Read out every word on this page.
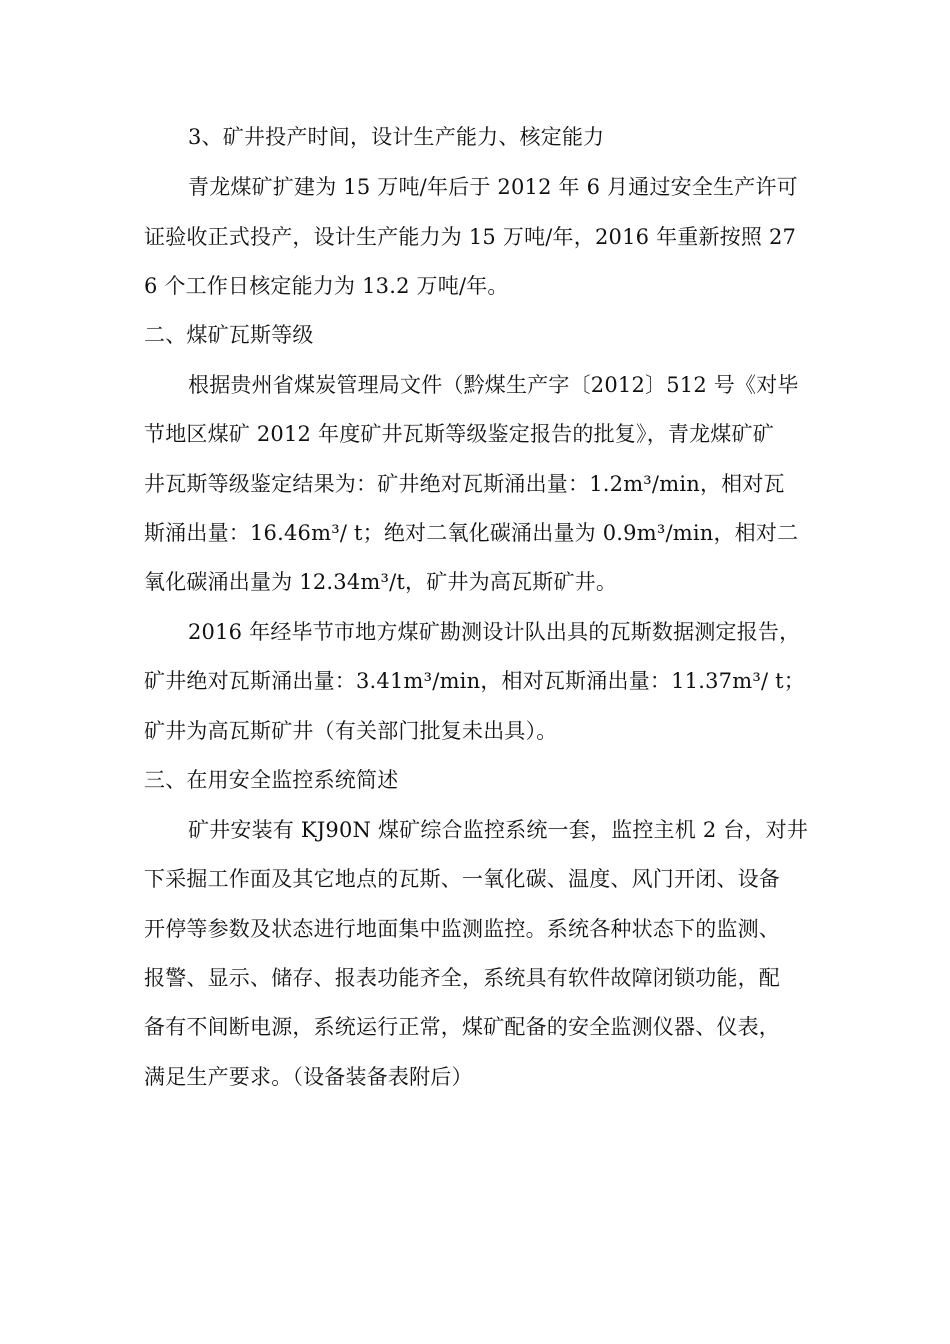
3、矿井投产时间，设计生产能力、核定能力
青龙煤矿扩建为 15 万吨/年后于 2012 年 6 月通过安全生产许可
证验收正式投产，设计生产能力为 15 万吨/年，2016 年重新按照 27
6 个工作日核定能力为 13.2 万吨/年。
二、煤矿瓦斯等级
根据贵州省煤炭管理局文件（黔煤生产字〔2012〕512 号《对毕
节地区煤矿 2012 年度矿井瓦斯等级鉴定报告的批复》，青龙煤矿矿
井瓦斯等级鉴定结果为：矿井绝对瓦斯涌出量：1.2m³/min，相对瓦
斯涌出量：16.46m³/ t；绝对二氧化碳涌出量为 0.9m³/min，相对二
氧化碳涌出量为 12.34m³/t，矿井为高瓦斯矿井。
2016 年经毕节市地方煤矿勘测设计队出具的瓦斯数据测定报告，
矿井绝对瓦斯涌出量：3.41m³/min，相对瓦斯涌出量：11.37m³/ t；
矿井为高瓦斯矿井（有关部门批复未出具）。
三、在用安全监控系统简述
矿井安装有 KJ90N 煤矿综合监控系统一套，监控主机 2 台，对井
下采掘工作面及其它地点的瓦斯、一氧化碳、温度、风门开闭、设备
开停等参数及状态进行地面集中监测监控。系统各种状态下的监测、
报警、显示、储存、报表功能齐全，系统具有软件故障闭锁功能，配
备有不间断电源，系统运行正常，煤矿配备的安全监测仪器、仪表，
满足生产要求。（设备装备表附后）
